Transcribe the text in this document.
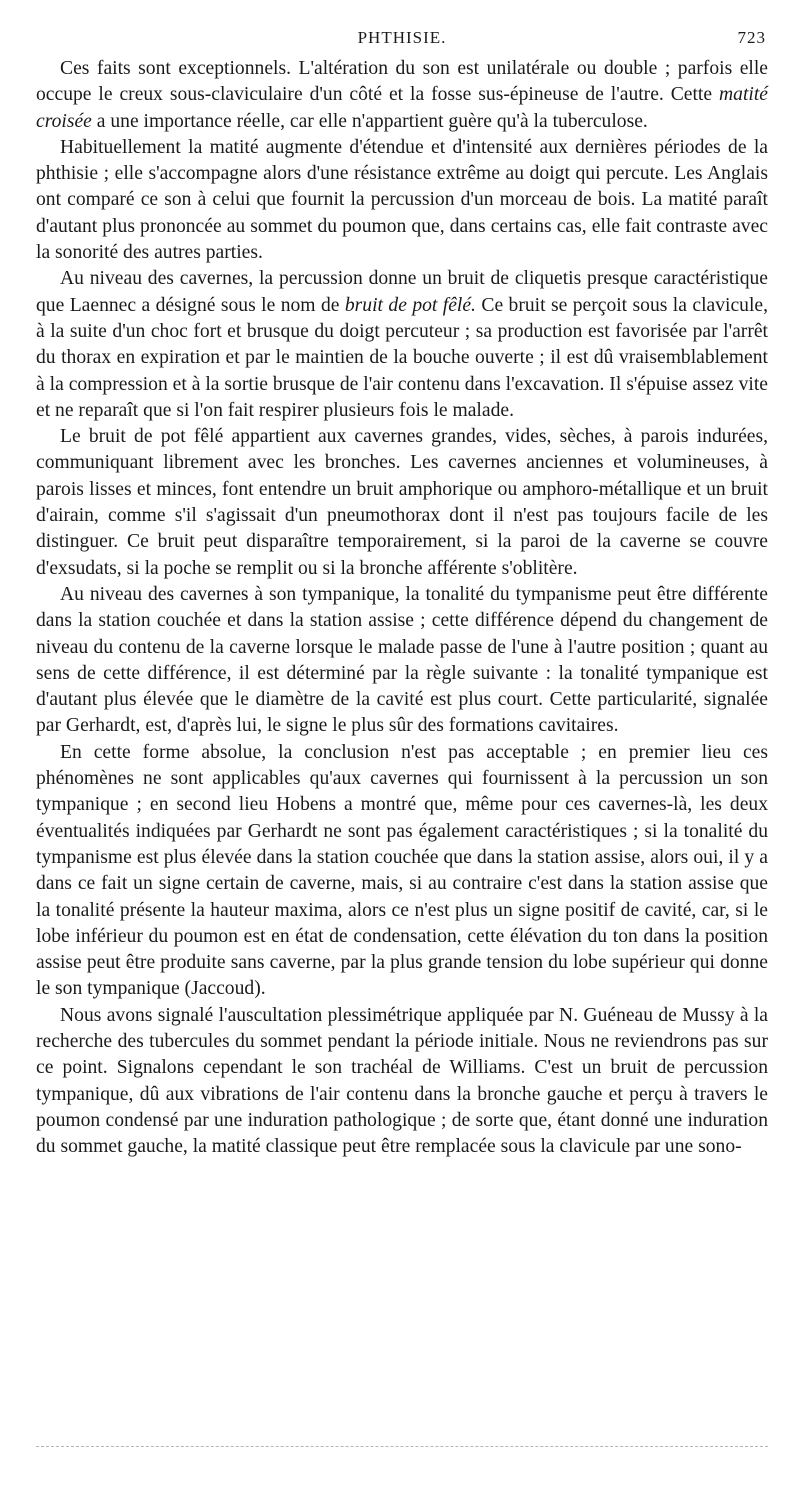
PHTHISIE.	723

Ces faits sont exceptionnels. L'altération du son est unilatérale ou double ; parfois elle occupe le creux sous-claviculaire d'un côté et la fosse sus-épineuse de l'autre. Cette matité croisée a une importance réelle, car elle n'appartient guère qu'à la tuberculose.

Habituellement la matité augmente d'étendue et d'intensité aux dernières périodes de la phthisie ; elle s'accompagne alors d'une résistance extrême au doigt qui percute. Les Anglais ont comparé ce son à celui que fournit la percussion d'un morceau de bois. La matité paraît d'autant plus prononcée au sommet du poumon que, dans certains cas, elle fait contraste avec la sonorité des autres parties.

Au niveau des cavernes, la percussion donne un bruit de cliquetis presque caractéristique que Laennec a désigné sous le nom de bruit de pot fêlé. Ce bruit se perçoit sous la clavicule, à la suite d'un choc fort et brusque du doigt percuteur ; sa production est favorisée par l'arrêt du thorax en expiration et par le maintien de la bouche ouverte ; il est dû vraisemblablement à la compression et à la sortie brusque de l'air contenu dans l'excavation. Il s'épuise assez vite et ne reparaît que si l'on fait respirer plusieurs fois le malade.

Le bruit de pot fêlé appartient aux cavernes grandes, vides, sèches, à parois indurées, communiquant librement avec les bronches. Les cavernes anciennes et volumineuses, à parois lisses et minces, font entendre un bruit amphorique ou amphoro-métallique et un bruit d'airain, comme s'il s'agissait d'un pneumothorax dont il n'est pas toujours facile de les distinguer. Ce bruit peut disparaître temporairement, si la paroi de la caverne se couvre d'exsudats, si la poche se remplit ou si la bronche afférente s'oblitère.

Au niveau des cavernes à son tympanique, la tonalité du tympanisme peut être différente dans la station couchée et dans la station assise ; cette différence dépend du changement de niveau du contenu de la caverne lorsque le malade passe de l'une à l'autre position ; quant au sens de cette différence, il est déterminé par la règle suivante : la tonalité tympanique est d'autant plus élevée que le diamètre de la cavité est plus court. Cette particularité, signalée par Gerhardt, est, d'après lui, le signe le plus sûr des formations cavitaires.

En cette forme absolue, la conclusion n'est pas acceptable ; en premier lieu ces phénomènes ne sont applicables qu'aux cavernes qui fournissent à la percussion un son tympanique ; en second lieu Hobens a montré que, même pour ces cavernes-là, les deux éventualités indiquées par Gerhardt ne sont pas également caractéristiques ; si la tonalité du tympanisme est plus élevée dans la station couchée que dans la station assise, alors oui, il y a dans ce fait un signe certain de caverne, mais, si au contraire c'est dans la station assise que la tonalité présente la hauteur maxima, alors ce n'est plus un signe positif de cavité, car, si le lobe inférieur du poumon est en état de condensation, cette élévation du ton dans la position assise peut être produite sans caverne, par la plus grande tension du lobe supérieur qui donne le son tympanique (Jaccoud).

Nous avons signalé l'auscultation plessimétrique appliquée par N. Guéneau de Mussy à la recherche des tubercules du sommet pendant la période initiale. Nous ne reviendrons pas sur ce point. Signalons cependant le son trachéal de Williams. C'est un bruit de percussion tympanique, dû aux vibrations de l'air contenu dans la bronche gauche et perçu à travers le poumon condensé par une induration pathologique ; de sorte que, étant donné une induration du sommet gauche, la matité classique peut être remplacée sous la clavicule par une sono-
